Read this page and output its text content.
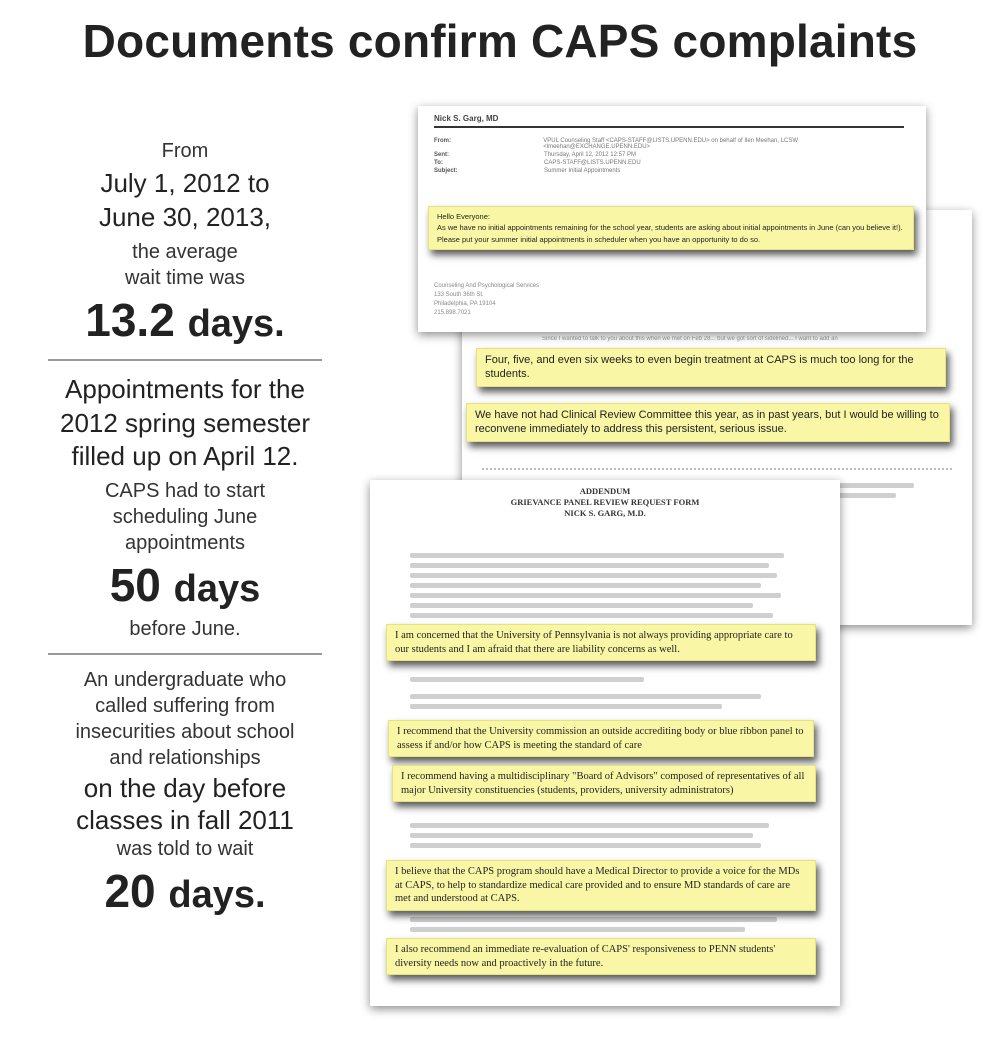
Documents confirm CAPS complaints
From
July 1, 2012 to
June 30, 2013,
the average
wait time was
13.2 days.
Appointments for the
2012 spring semester
filled up on April 12.
CAPS had to start
scheduling June
appointments
50 days
before June.
An undergraduate who
called suffering from
insecurities about school
and relationships
on the day before
classes in fall 2011
was told to wait
20 days.
Since I wanted to talk to you about this when we met on Feb 28... but we got sort of sidelined... I want to add an
Nick S. Garg, MD
From:	VPUL Counseling Staff <CAPS-STAFF@LISTS.UPENN.EDU> on behalf of Ilen Meehan, LCSW <lmeehan@EXCHANGE.UPENN.EDU>
Sent:	Thursday, April 12, 2012 12:57 PM
To:	CAPS-STAFF@LISTS.UPENN.EDU
Subject:	Summer Initial Appointments
Counseling And Psychological Services
133 South 36th St.
Philadelphia, PA 19104
215.898.7021
Hello Everyone:
As we have no initial appointments remaining for the school year, students are asking about initial appointments in June (can you believe it!).
Please put your summer initial appointments in scheduler when you have an opportunity to do so.
Four, five, and even six weeks to even begin treatment at CAPS is much too long for the students.
We have not had Clinical Review Committee this year, as in past years, but I would be willing to reconvene immediately to address this persistent, serious issue.
ADDENDUM
GRIEVANCE PANEL REVIEW REQUEST FORM
NICK S. GARG, M.D.
I am concerned that the University of Pennsylvania is not always providing appropriate care to our students and I am afraid that there are liability concerns as well.
I recommend that the University commission an outside accrediting body or blue ribbon panel to assess if and/or how CAPS is meeting the standard of care
I recommend having a multidisciplinary "Board of Advisors" composed of representatives of all major University constituencies (students, providers, university administrators)
I believe that the CAPS program should have a Medical Director to provide a voice for the MDs at CAPS, to help to standardize medical care provided and to ensure MD standards of care are met and understood at CAPS.
I also recommend an immediate re-evaluation of CAPS' responsiveness to PENN students' diversity needs now and proactively in the future.
